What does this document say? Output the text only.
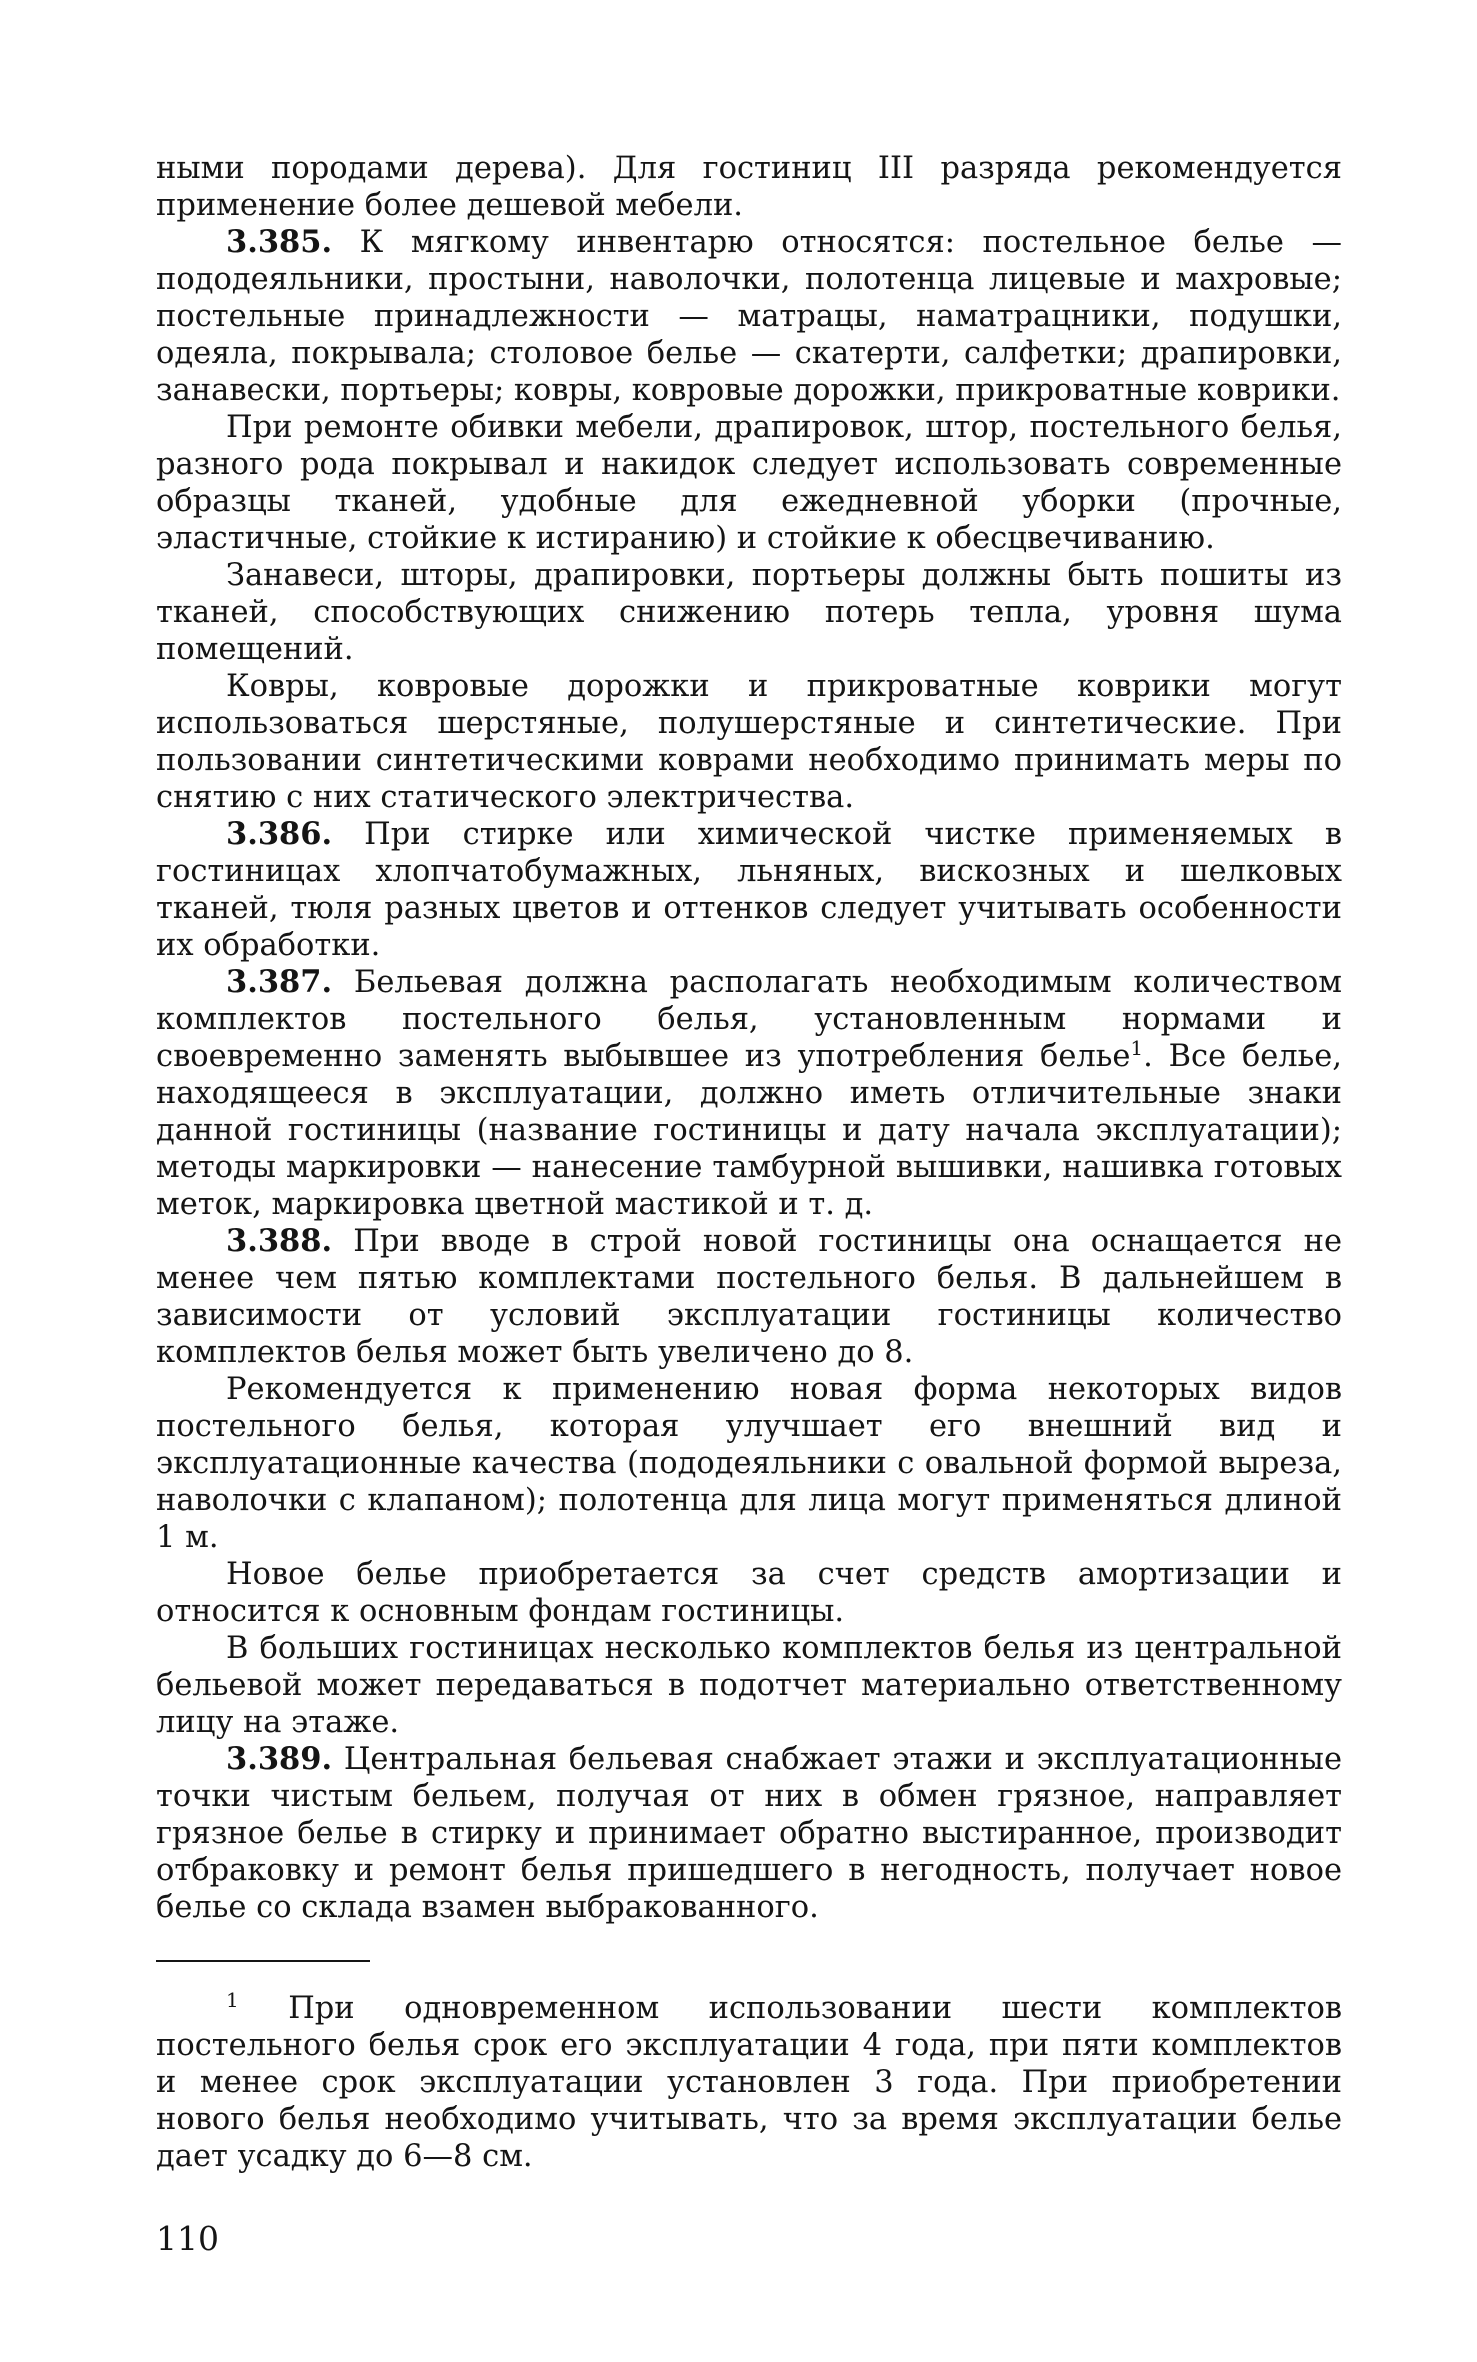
ными породами дерева). Для гостиниц III разряда рекомендуется применение более дешевой мебели.

3.385. К мягкому инвентарю относятся: постельное белье — пододеяльники, простыни, наволочки, полотенца лицевые и махровые; постельные принадлежности — матрацы, наматрацники, подушки, одеяла, покрывала; столовое белье — скатерти, салфетки; драпировки, занавески, портьеры; ковры, ковровые дорожки, прикроватные коврики.

При ремонте обивки мебели, драпировок, штор, постельного белья, разного рода покрывал и накидок следует использовать современные образцы тканей, удобные для ежедневной уборки (прочные, эластичные, стойкие к истиранию) и стойкие к обесцвечиванию.

Занавеси, шторы, драпировки, портьеры должны быть пошиты из тканей, способствующих снижению потерь тепла, уровня шума помещений.

Ковры, ковровые дорожки и прикроватные коврики могут использоваться шерстяные, полушерстяные и синтетические. При пользовании синтетическими коврами необходимо принимать меры по снятию с них статического электричества.

3.386. При стирке или химической чистке применяемых в гостиницах хлопчатобумажных, льняных, вискозных и шелковых тканей, тюля разных цветов и оттенков следует учитывать особенности их обработки.

3.387. Бельевая должна располагать необходимым количеством комплектов постельного белья, установленным нормами и своевременно заменять выбывшее из употребления белье$^1$. Все белье, находящееся в эксплуатации, должно иметь отличительные знаки данной гостиницы (название гостиницы и дату начала эксплуатации); методы маркировки — нанесение тамбурной вышивки, нашивка готовых меток, маркировка цветной мастикой и т. д.

3.388. При вводе в строй новой гостиницы она оснащается не менее чем пятью комплектами постельного белья. В дальнейшем в зависимости от условий эксплуатации гостиницы количество комплектов белья может быть увеличено до 8.

Рекомендуется к применению новая форма некоторых видов постельного белья, которая улучшает его внешний вид и эксплуатационные качества (пододеяльники с овальной формой выреза, наволочки с клапаном); полотенца для лица могут применяться длиной 1 м.

Новое белье приобретается за счет средств амортизации и относится к основным фондам гостиницы.

В больших гостиницах несколько комплектов белья из центральной бельевой может передаваться в подотчет материально ответственному лицу на этаже.

3.389. Центральная бельевая снабжает этажи и эксплуатационные точки чистым бельем, получая от них в обмен грязное, направляет грязное белье в стирку и принимает обратно выстиранное, производит отбраковку и ремонт белья пришедшего в негодность, получает новое белье со склада взамен выбракованного.

$^1$ При одновременном использовании шести комплектов постельного белья срок его эксплуатации 4 года, при пяти комплектов и менее срок эксплуатации установлен 3 года. При приобретении нового белья необходимо учитывать, что за время эксплуатации белье дает усадку до 6—8 см.

110
